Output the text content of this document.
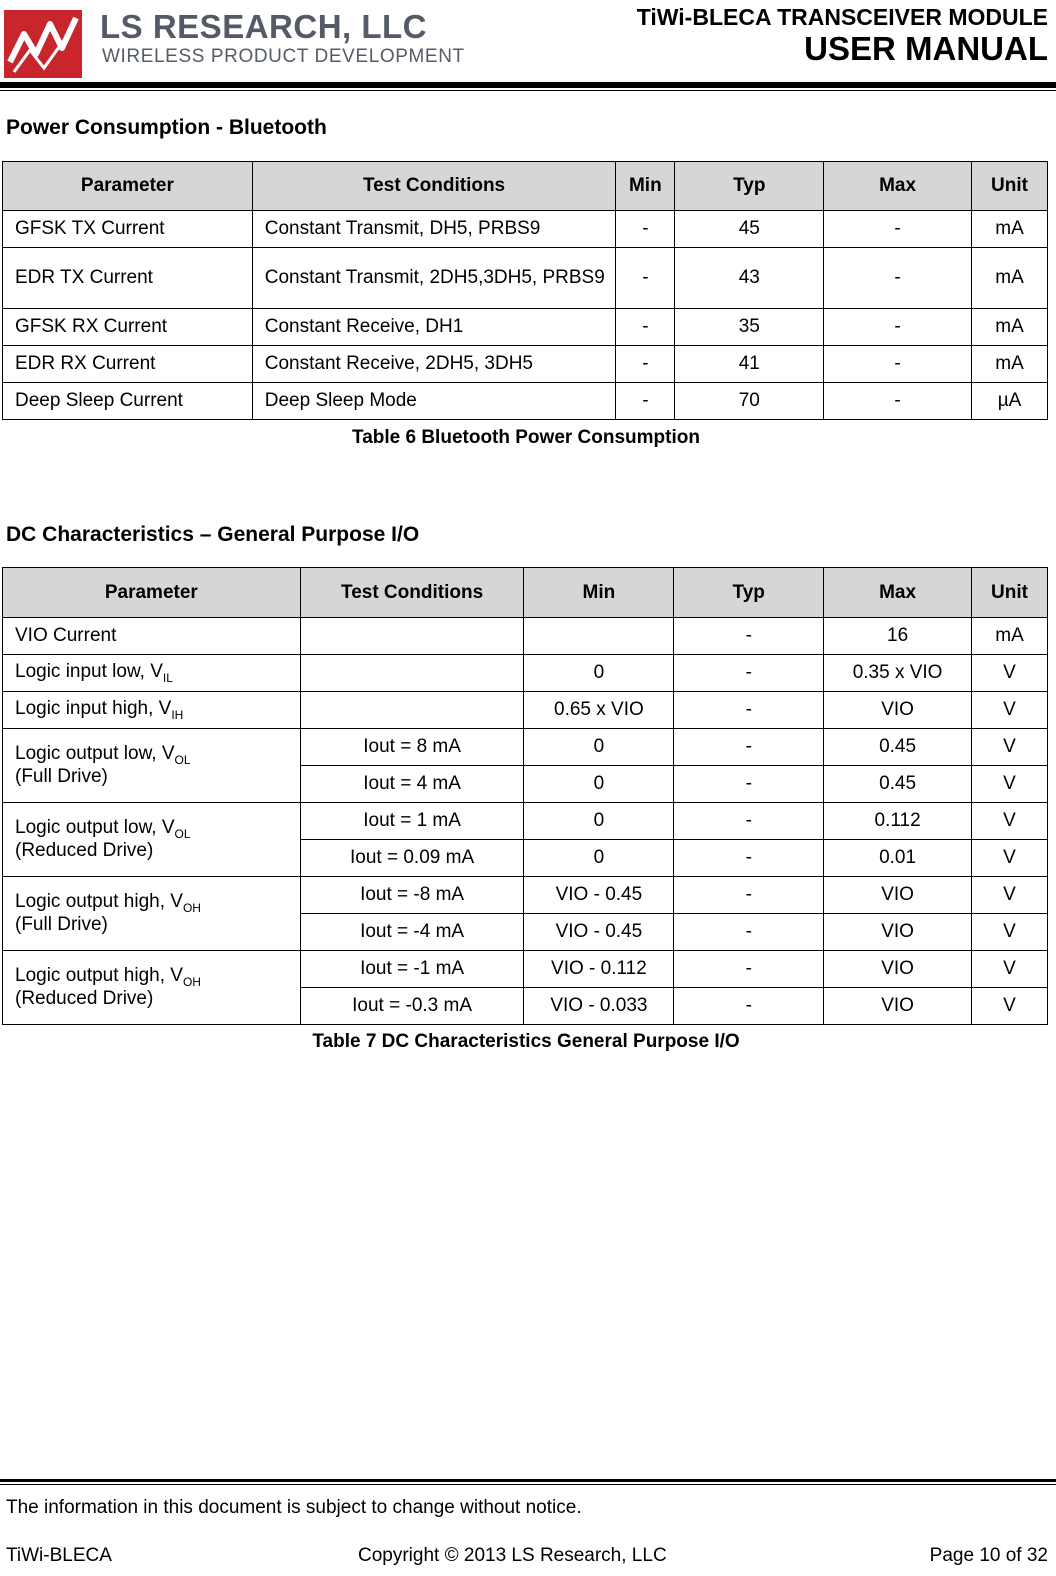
LS RESEARCH, LLC
WIRELESS PRODUCT DEVELOPMENT
TiWi-BLECA TRANSCEIVER MODULE
USER MANUAL
Power Consumption - Bluetooth
Parameter	Test Conditions	Min	Typ	Max	Unit
GFSK TX Current	Constant Transmit, DH5, PRBS9	-	45	-	mA
EDR TX Current	Constant Transmit, 2DH5,3DH5, PRBS9	-	43	-	mA
GFSK RX Current	Constant Receive, DH1	-	35	-	mA
EDR RX Current	Constant Receive, 2DH5, 3DH5	-	41	-	mA
Deep Sleep Current	Deep Sleep Mode	-	70	-	µA
Table 6 Bluetooth Power Consumption
DC Characteristics – General Purpose I/O
Parameter	Test Conditions	Min	Typ	Max	Unit
VIO Current			-	16	mA
Logic input low, $V_{IL}$		0	-	0.35 x VIO	V
Logic input high, $V_{IH}$		0.65 x VIO	-	VIO	V
Logic output low, $V_{OL}$
(Full Drive)	Iout = 8 mA	0	-	0.45	V
	Iout = 4 mA	0	-	0.45	V
Logic output low, $V_{OL}$
(Reduced Drive)	Iout = 1 mA	0	-	0.112	V
	Iout = 0.09 mA	0	-	0.01	V
Logic output high, $V_{OH}$
(Full Drive)	Iout = -8 mA	VIO - 0.45	-	VIO	V
	Iout = -4 mA	VIO - 0.45	-	VIO	V
Logic output high, $V_{OH}$
(Reduced Drive)	Iout = -1 mA	VIO - 0.112	-	VIO	V
	Iout = -0.3 mA	VIO - 0.033	-	VIO	V
Table 7 DC Characteristics General Purpose I/O
The information in this document is subject to change without notice.
TiWi-BLECA	Copyright © 2013 LS Research, LLC	Page 10 of 32
